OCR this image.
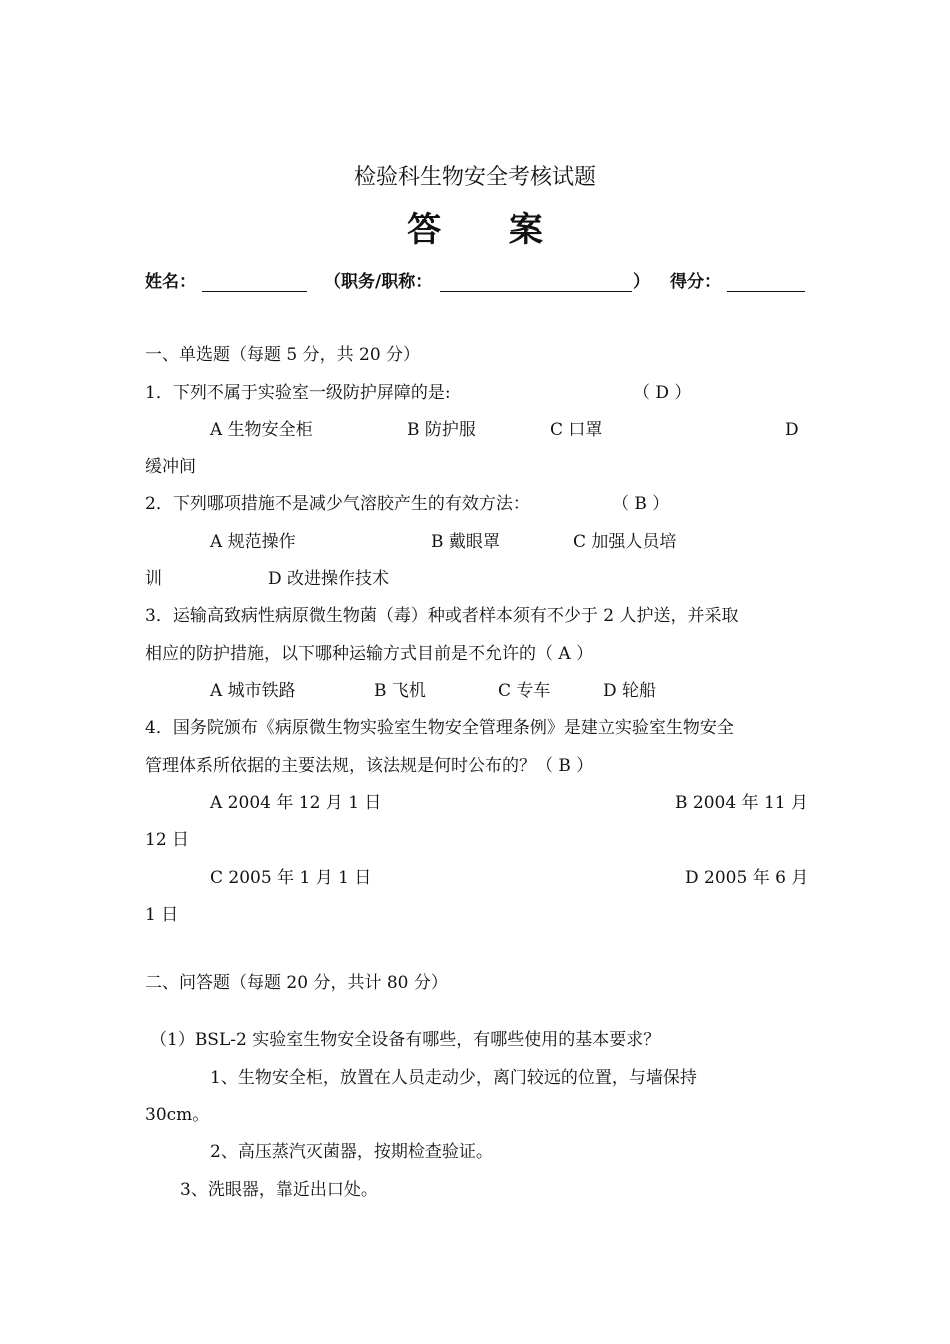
检验科生物安全考核试题
答 案
姓名：	（职务/职称：	） 得分：
一、单选题（每题 5 分，共 20 分）
1．下列不属于实验室一级防护屏障的是:	（ D ）
A 生物安全柜	B 防护服	C 口罩	D
缓冲间
2．下列哪项措施不是减少气溶胶产生的有效方法：	（ B ）
A 规范操作	B 戴眼罩	C 加强人员培
训	D 改进操作技术
3．运输高致病性病原微生物菌（毒）种或者样本须有不少于 2 人护送，并采取
相应的防护措施，以下哪种运输方式目前是不允许的（ A ）
A 城市铁路	B 飞机	C 专车	D 轮船
4．国务院颁布《病原微生物实验室生物安全管理条例》是建立实验室生物安全
管理体系所依据的主要法规，该法规是何时公布的？（ B ）
A 2004 年 12 月 1 日	B 2004 年 11 月
12 日
C 2005 年 1 月 1 日	D 2005 年 6 月
1 日
二、问答题（每题 20 分，共计 80 分）
（1）BSL-2 实验室生物安全设备有哪些，有哪些使用的基本要求？
1、生物安全柜，放置在人员走动少，离门较远的位置，与墙保持
30cm。
2、高压蒸汽灭菌器，按期检查验证。
3、洗眼器，靠近出口处。
